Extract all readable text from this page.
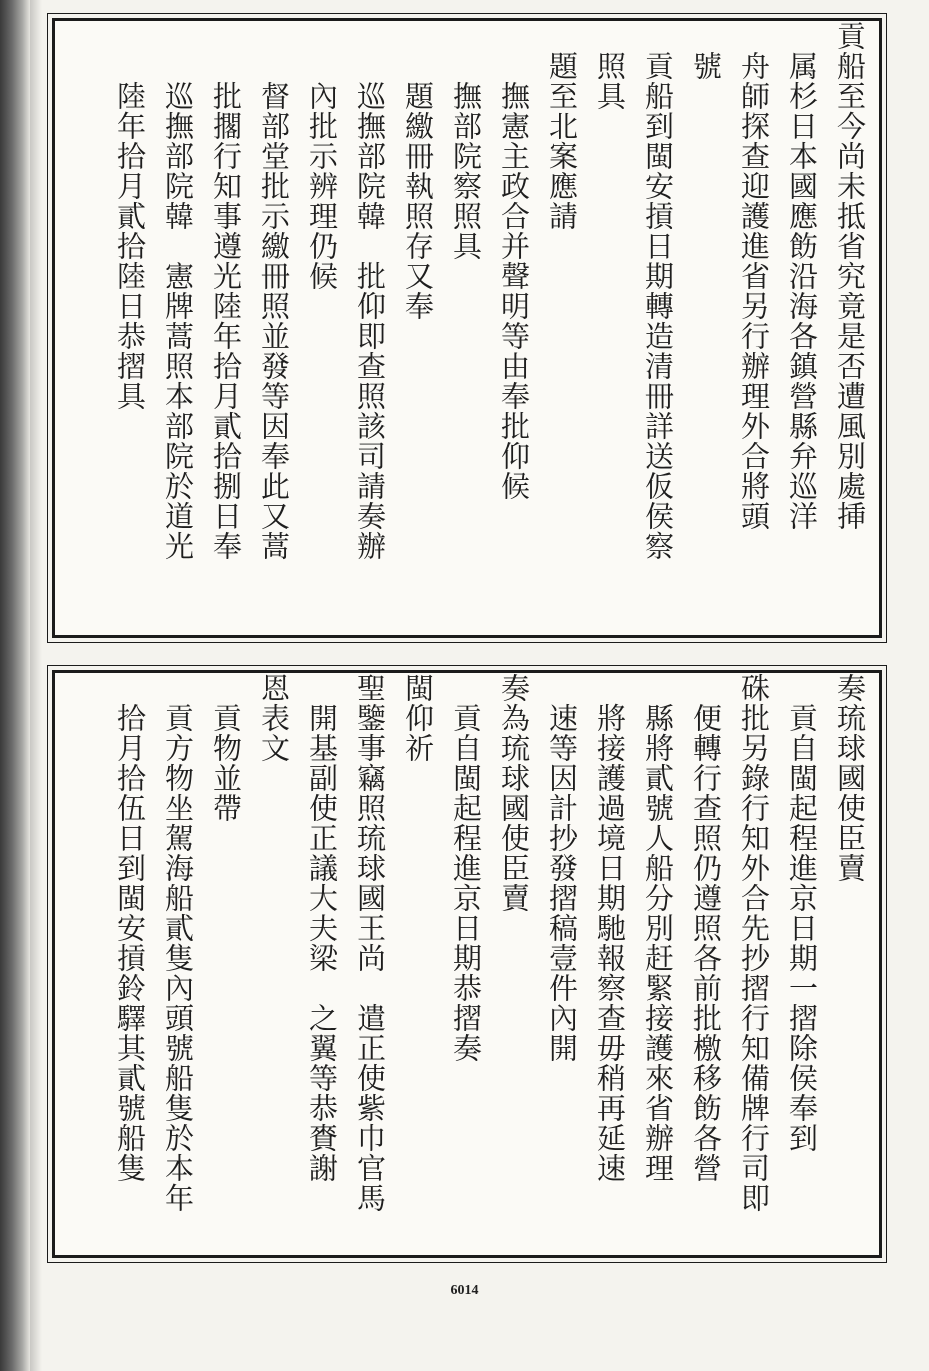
貢船至今尚未抵省究竟是否遭風別處挿
　属杉日本國應飭沿海各鎮營縣弁巡洋
　舟師探查迎護進省另行辦理外合將頭
　號
　貢船到閩安摃日期轉造清冊詳送仮侯察
　照具
　題至北案應請
　　撫憲主政合并聲明等由奉批仰候
　　撫部院察照具
　　題繳冊執照存又奉
　　巡撫部院韓　批仰即查照該司請奏辦
　　內批示辨理仍候
　　督部堂批示繳冊照並發等因奉此又蒿
　　批擱行知事遵光陸年拾月貳拾捌日奉
　　巡撫部院韓　憲牌蒿照本部院於道光
　　陸年拾月貳拾陸日恭摺具
奏琉球國使臣賣
　貢自閩起程進京日期一摺除侯奉到
硃批另錄行知外合先抄摺行知備牌行司即
　便轉行查照仍遵照各前批檄移飭各營
　縣將貳號人船分別赶緊接護來省辦理
　將接護過境日期馳報察查毋稍再延速
　速等因計抄發摺稿壹件內開
奏為琉球國使臣賣
　貢自閩起程進京日期恭摺奏
閩仰祈
聖鑒事竊照琉球國王尚　遣正使紫巾官馬
　開基副使正議大夫梁　之翼等恭賚謝
恩表文
　貢物並帶
　貢方物坐駕海船貳隻內頭號船隻於本年
　拾月拾伍日到閩安摃鈴驛其貳號船隻
6014
